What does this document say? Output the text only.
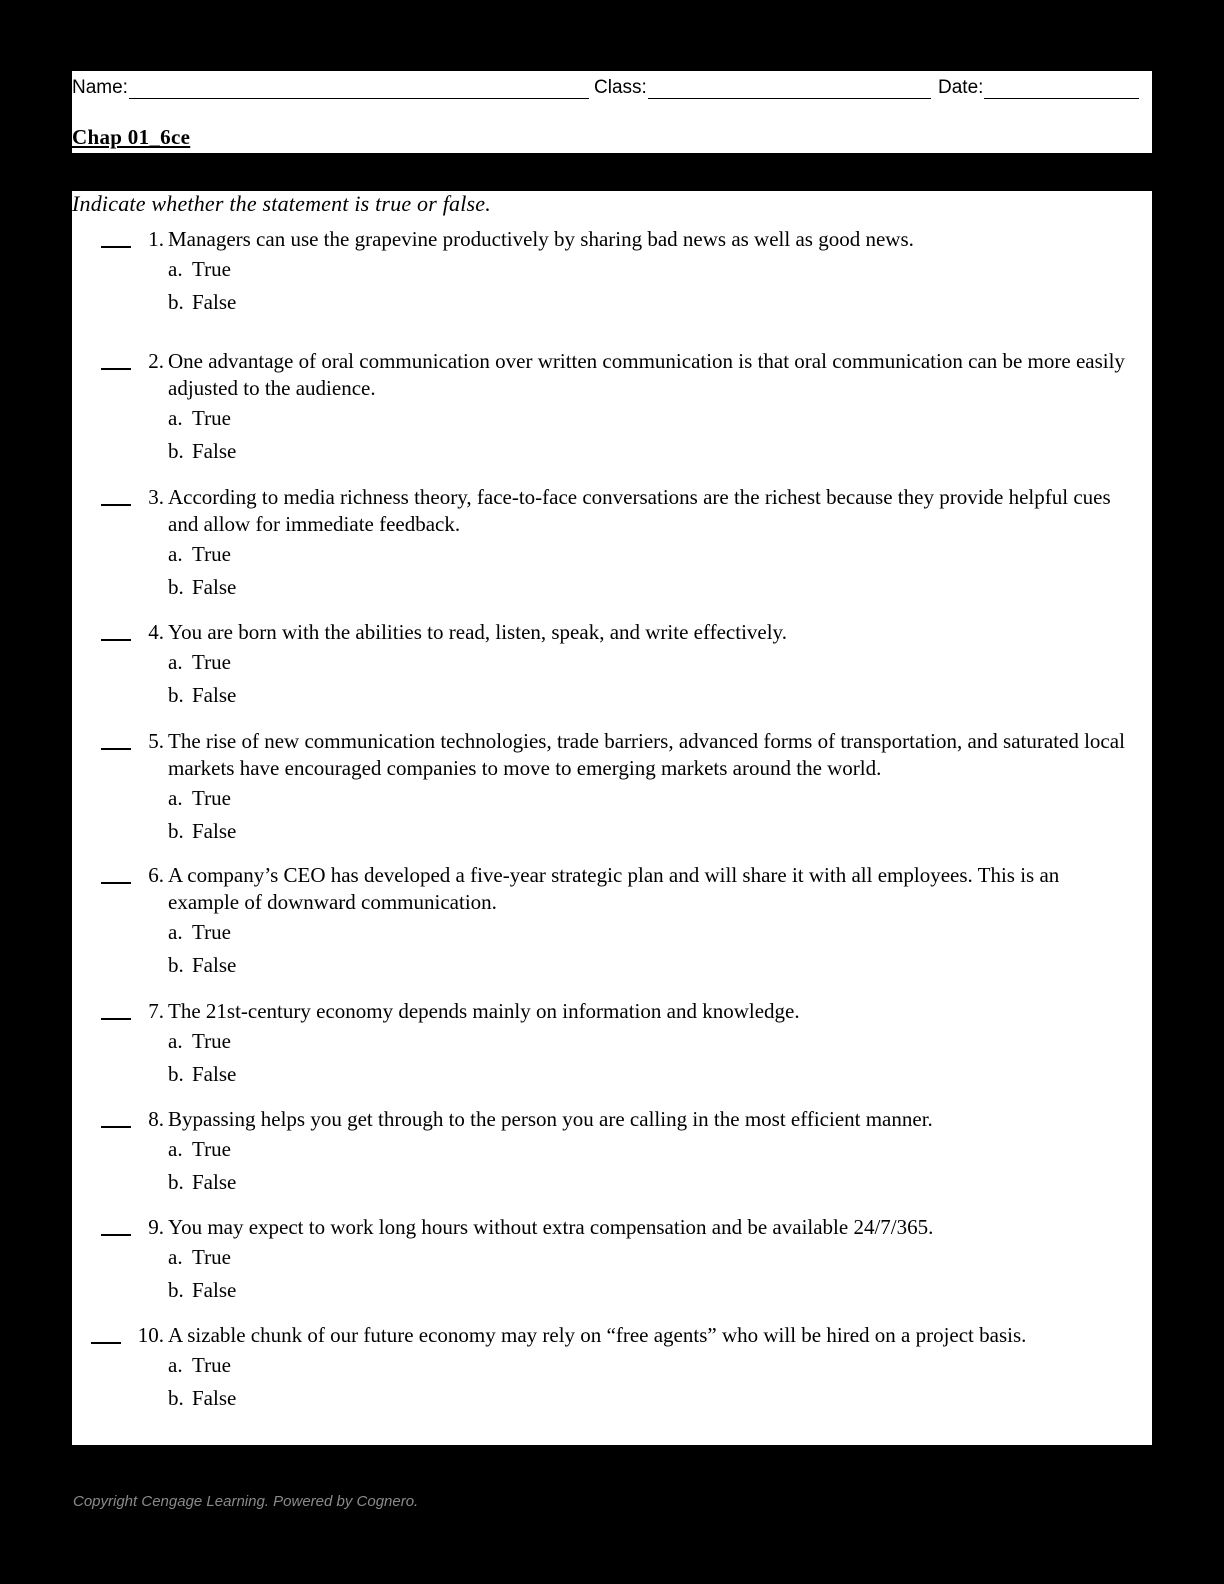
Name:	Class:	Date:
Chap 01_6ce
Indicate whether the statement is true or false.
1. Managers can use the grapevine productively by sharing bad news as well as good news.
a. True
b. False
2. One advantage of oral communication over written communication is that oral communication can be more easily adjusted to the audience.
a. True
b. False
3. According to media richness theory, face-to-face conversations are the richest because they provide helpful cues and allow for immediate feedback.
a. True
b. False
4. You are born with the abilities to read, listen, speak, and write effectively.
a. True
b. False
5. The rise of new communication technologies, trade barriers, advanced forms of transportation, and saturated local markets have encouraged companies to move to emerging markets around the world.
a. True
b. False
6. A company’s CEO has developed a five-year strategic plan and will share it with all employees. This is an example of downward communication.
a. True
b. False
7. The 21st-century economy depends mainly on information and knowledge.
a. True
b. False
8. Bypassing helps you get through to the person you are calling in the most efficient manner.
a. True
b. False
9. You may expect to work long hours without extra compensation and be available 24/7/365.
a. True
b. False
10. A sizable chunk of our future economy may rely on “free agents” who will be hired on a project basis.
a. True
b. False
Copyright Cengage Learning. Powered by Cognero.
